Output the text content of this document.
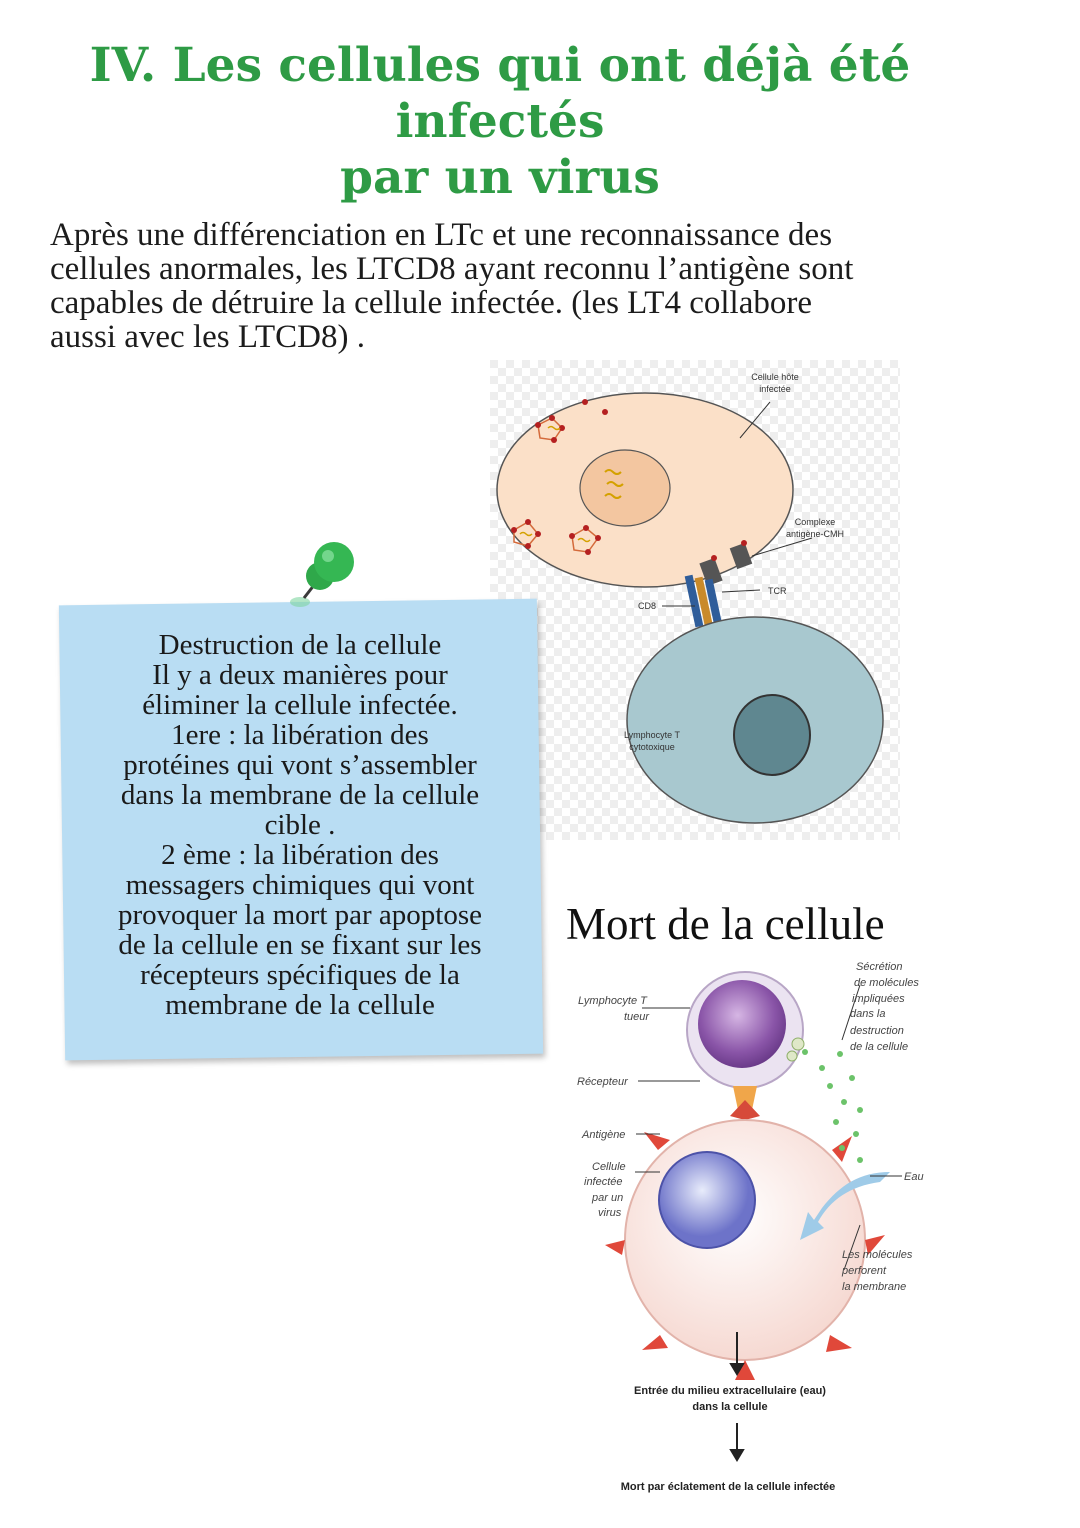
IV. Les cellules qui ont déjà été infectés
par un virus
Après une différenciation en LTc et une reconnaissance des
cellules anormales, les LTCD8 ayant reconnu l’antigène sont
capables de détruire la cellule infectée. (les LT4 collabore
aussi avec les LTCD8) .
Cellule hôte
infectée
Complexe
antigène-CMH
TCR
CD8
Lymphocyte T
cytotoxique
Destruction de la cellule
Il y a deux manières pour
éliminer la cellule infectée.
1ere : la libération des
protéines qui vont s’assembler
dans la membrane de la cellule
cible .
2 ème : la libération des
messagers chimiques qui vont
provoquer la mort par apoptose
de la cellule en se fixant sur les
récepteurs spécifiques de la
membrane de la cellule
Mort de la cellule
Lymphocyte T
tueur
Récepteur
Antigène
Cellule
infectée
par un
virus
Sécrétion
de molécules
impliquées
dans la
destruction
de la cellule
Eau
Les molécules
perforent
la membrane
Entrée du milieu extracellulaire (eau)
dans la cellule
Mort par éclatement de la cellule infectée
